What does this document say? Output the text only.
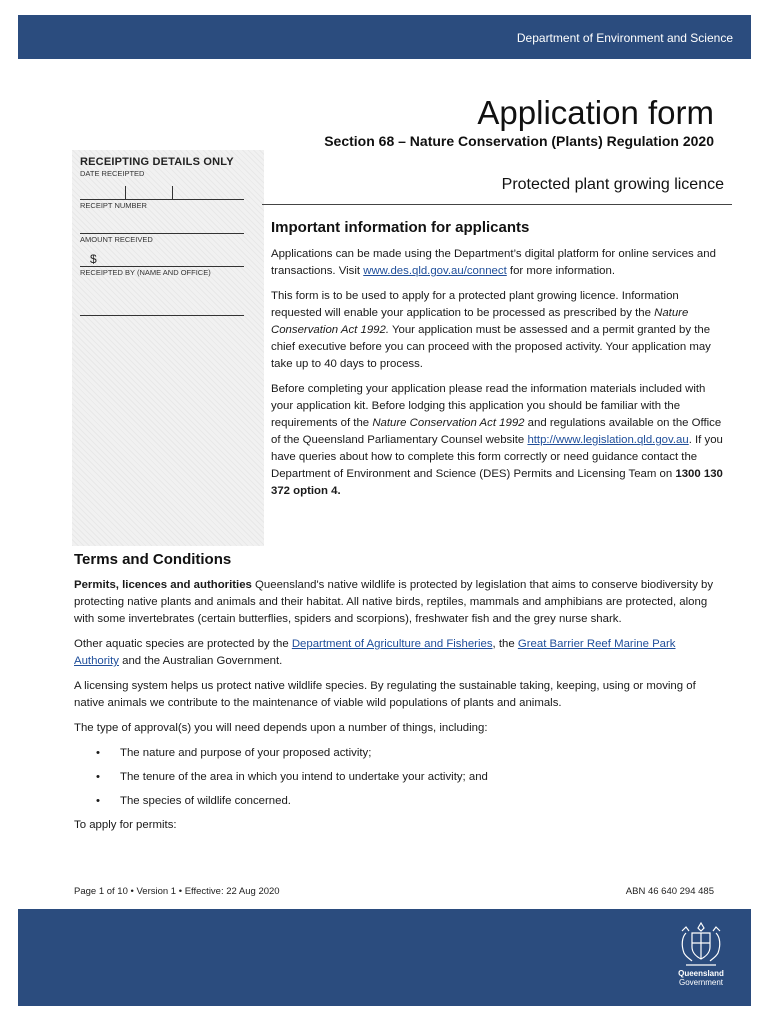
Department of Environment and Science
Application form
Section 68 – Nature Conservation (Plants) Regulation 2020
RECEIPTING DETAILS ONLY
DATE RECEIPTED
RECEIPT NUMBER
AMOUNT RECEIVED
$
RECEIPTED BY (NAME AND OFFICE)
Protected plant growing licence
Important information for applicants

Applications can be made using the Department’s digital platform for online services and transactions. Visit www.des.qld.gov.au/connect for more information.

This form is to be used to apply for a protected plant growing licence. Information requested will enable your application to be processed as prescribed by the Nature Conservation Act 1992. Your application must be assessed and a permit granted by the chief executive before you can proceed with the proposed activity. Your application may take up to 40 days to process.

Before completing your application please read the information materials included with your application kit. Before lodging this application you should be familiar with the requirements of the Nature Conservation Act 1992 and regulations available on the Office of the Queensland Parliamentary Counsel website http://www.legislation.qld.gov.au. If you have queries about how to complete this form correctly or need guidance contact the Department of Environment and Science (DES) Permits and Licensing Team on 1300 130 372 option 4.

Terms and Conditions

Permits, licences and authorities Queensland's native wildlife is protected by legislation that aims to conserve biodiversity by protecting native plants and animals and their habitat. All native birds, reptiles, mammals and amphibians are protected, along with some invertebrates (certain butterflies, spiders and scorpions), freshwater fish and the grey nurse shark.

Other aquatic species are protected by the Department of Agriculture and Fisheries, the Great Barrier Reef Marine Park Authority and the Australian Government.

A licensing system helps us protect native wildlife species. By regulating the sustainable taking, keeping, using or moving of native animals we contribute to the maintenance of viable wild populations of plants and animals.

The type of approval(s) you will need depends upon a number of things, including:

• The nature and purpose of your proposed activity;
• The tenure of the area in which you intend to undertake your activity; and
• The species of wildlife concerned.

To apply for permits:

Page 1 of 10 • Version 1 • Effective: 22 Aug 2020	ABN 46 640 294 485
Queensland
Government
